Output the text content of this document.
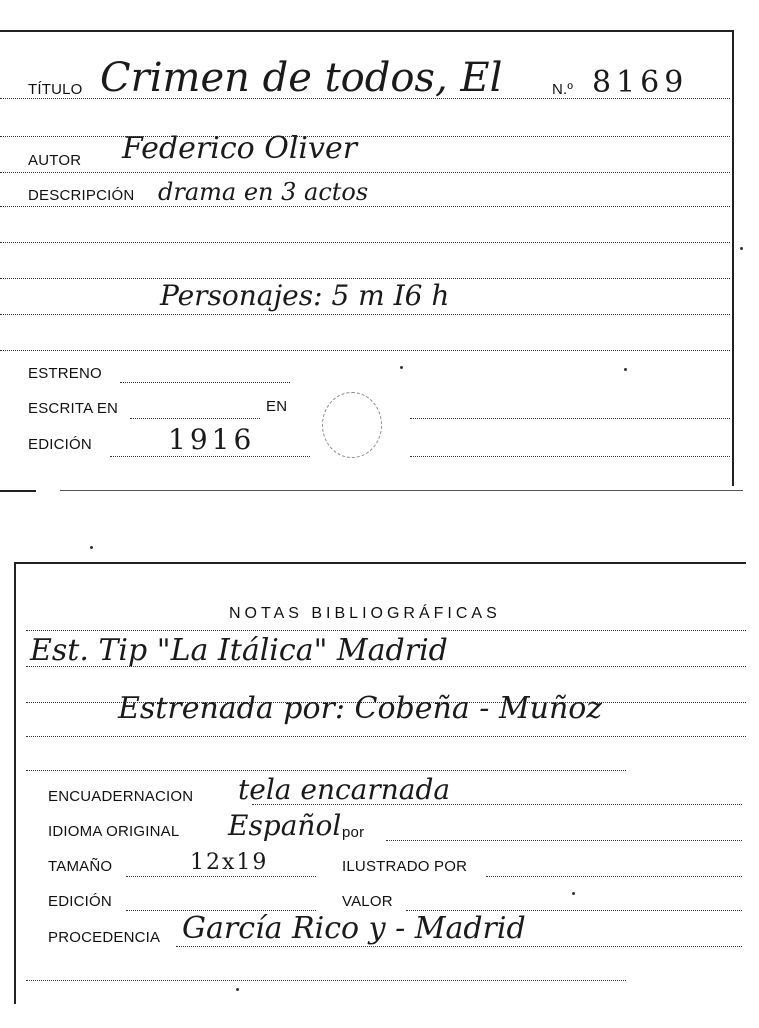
TÍTULO Crimen de todos, El	N.º 8169
AUTOR Federico Oliver
DESCRIPCIÓN drama en 3 actos
Personajes: 5 m I6 h
ESTRENO
ESCRITA EN	EN
EDICIÓN	1916
NOTAS BIBLIOGRÁFICAS
Est. Tip "La Itálica" Madrid
Estrenada por: Cobeña - Muñoz
ENCUADERNACION tela encarnada
IDIOMA ORIGINAL Español por
TAMAÑO	12x19	ILUSTRADO POR
EDICIÓN	VALOR
PROCEDENCIA García Rico y - Madrid
